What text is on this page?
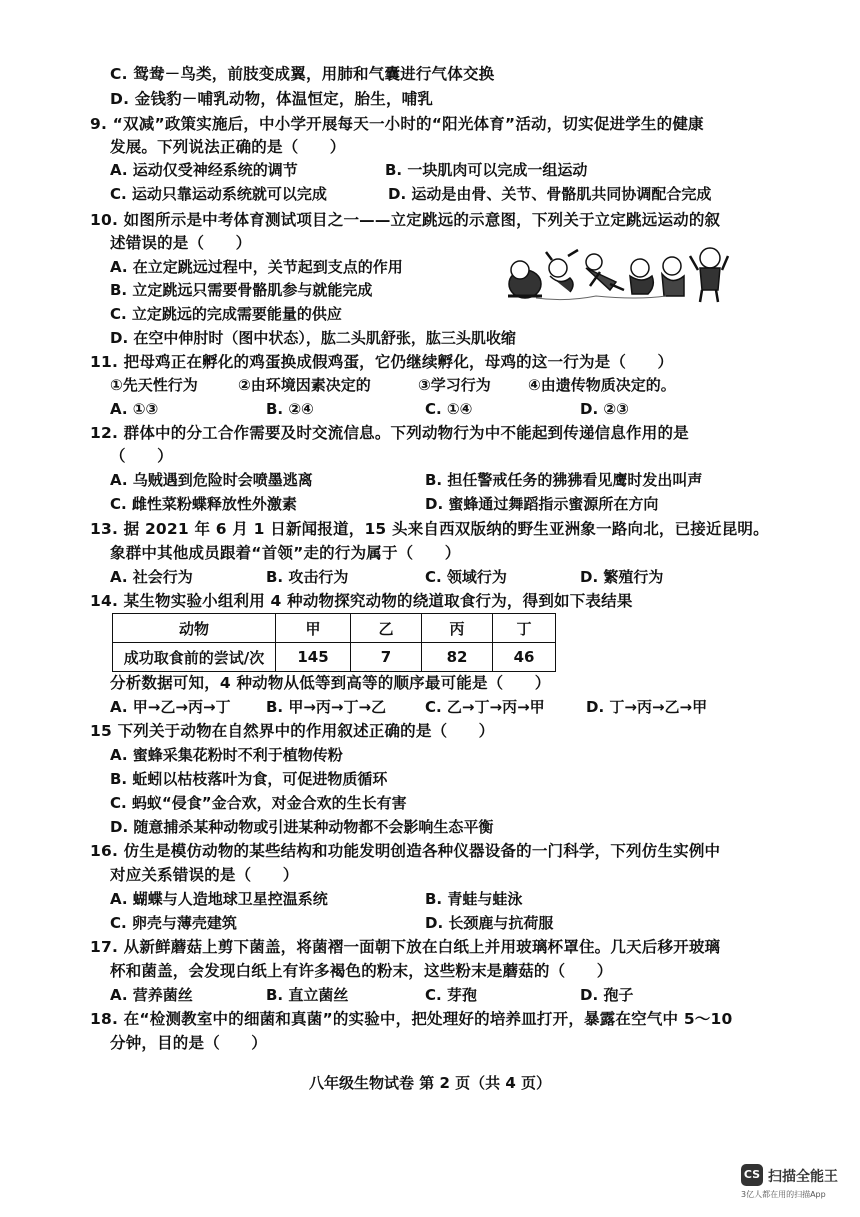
C. 鸳鸯－鸟类，前肢变成翼，用肺和气囊进行气体交换
D. 金钱豹－哺乳动物，体温恒定，胎生，哺乳
9. “双减”政策实施后，中小学开展每天一小时的“阳光体育”活动，切实促进学生的健康
发展。下列说法正确的是（　　）
A. 运动仅受神经系统的调节	B. 一块肌肉可以完成一组运动
C. 运动只靠运动系统就可以完成	D. 运动是由骨、关节、骨骼肌共同协调配合完成
10. 如图所示是中考体育测试项目之一——立定跳远的示意图，下列关于立定跳远运动的叙
述错误的是（　　）
A. 在立定跳远过程中，关节起到支点的作用
B. 立定跳远只需要骨骼肌参与就能完成
C. 立定跳远的完成需要能量的供应
D. 在空中伸肘时（图中状态），肱二头肌舒张，肱三头肌收缩
11. 把母鸡正在孵化的鸡蛋换成假鸡蛋，它仍继续孵化，母鸡的这一行为是（　　）
①先天性行为	②由环境因素决定的	③学习行为 ④由遗传物质决定的。
A. ①③	B. ②④	C. ①④	D. ②③
12. 群体中的分工合作需要及时交流信息。下列动物行为中不能起到传递信息作用的是
（　　）
A. 乌贼遇到危险时会喷墨逃离	B. 担任警戒任务的狒狒看见鹰时发出叫声
C. 雌性菜粉蝶释放性外激素	D. 蜜蜂通过舞蹈指示蜜源所在方向
13. 据 2021 年 6 月 1 日新闻报道，15 头来自西双版纳的野生亚洲象一路向北，已接近昆明。
象群中其他成员跟着“首领”走的行为属于（　　）
A. 社会行为	B. 攻击行为	C. 领域行为	D. 繁殖行为
14. 某生物实验小组利用 4 种动物探究动物的绕道取食行为，得到如下表结果
动物	甲	乙	丙	丁
成功取食前的尝试/次	145	7	82	46
分析数据可知，4 种动物从低等到高等的顺序最可能是（　　）
A. 甲→乙→丙→丁 B. 甲→丙→丁→乙	C. 乙→丁→丙→甲	D. 丁→丙→乙→甲
15 下列关于动物在自然界中的作用叙述正确的是（　　）
A. 蜜蜂采集花粉时不利于植物传粉
B. 蚯蚓以枯枝落叶为食，可促进物质循环
C. 蚂蚁“侵食”金合欢，对金合欢的生长有害
D. 随意捕杀某种动物或引进某种动物都不会影响生态平衡
16. 仿生是模仿动物的某些结构和功能发明创造各种仪器设备的一门科学，下列仿生实例中
对应关系错误的是（　　）
A. 蝴蝶与人造地球卫星控温系统	B. 青蛙与蛙泳
C. 卵壳与薄壳建筑	D. 长颈鹿与抗荷服
17. 从新鲜蘑菇上剪下菌盖，将菌褶一面朝下放在白纸上并用玻璃杯罩住。几天后移开玻璃
杯和菌盖，会发现白纸上有许多褐色的粉末，这些粉末是蘑菇的（　　）
A. 营养菌丝	B. 直立菌丝	C. 芽孢	D. 孢子
18. 在“检测教室中的细菌和真菌”的实验中，把处理好的培养皿打开，暴露在空气中 5～10
分钟，目的是（　　）
八年级生物试卷 第 2 页（共 4 页）
CS 扫描全能王
3亿人都在用的扫描App
